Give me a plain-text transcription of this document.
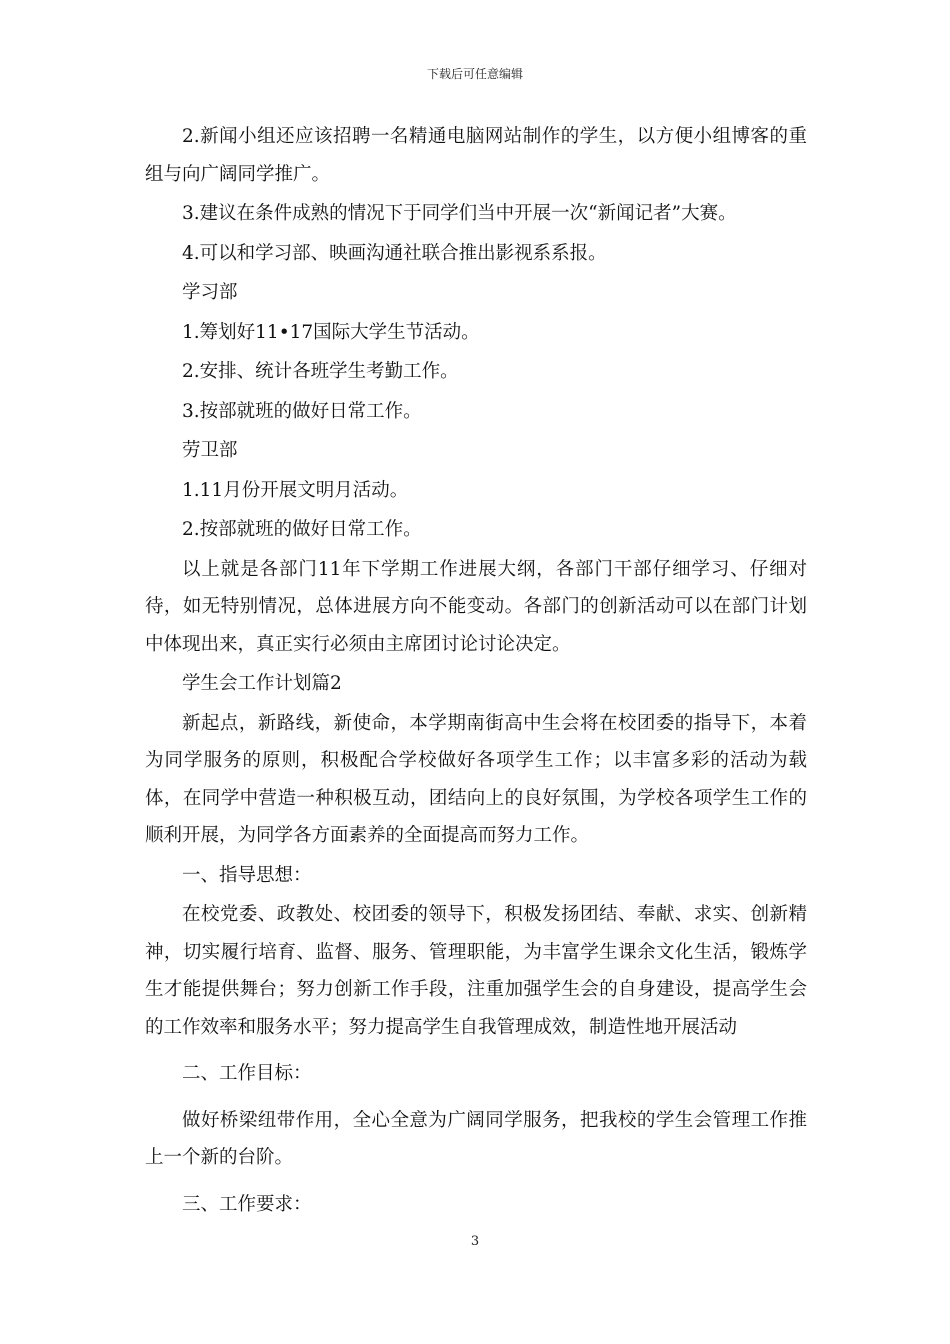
下载后可任意编辑

2.新闻小组还应该招聘一名精通电脑网站制作的学生，以方便小组博客的重组与向广阔同学推广。

3.建议在条件成熟的情况下于同学们当中开展一次“新闻记者”大赛。

4.可以和学习部、映画沟通社联合推出影视系系报。

学习部

1.筹划好11•17国际大学生节活动。

2.安排、统计各班学生考勤工作。

3.按部就班的做好日常工作。

劳卫部

1.11月份开展文明月活动。

2.按部就班的做好日常工作。

以上就是各部门11年下学期工作进展大纲，各部门干部仔细学习、仔细对待，如无特别情况，总体进展方向不能变动。各部门的创新活动可以在部门计划中体现出来，真正实行必须由主席团讨论讨论决定。

学生会工作计划篇2

新起点，新路线，新使命，本学期南街高中生会将在校团委的指导下，本着为同学服务的原则，积极配合学校做好各项学生工作；以丰富多彩的活动为载体，在同学中营造一种积极互动，团结向上的良好氛围，为学校各项学生工作的顺利开展，为同学各方面素养的全面提高而努力工作。

一、指导思想：

在校党委、政教处、校团委的领导下，积极发扬团结、奉献、求实、创新精神，切实履行培育、监督、服务、管理职能，为丰富学生课余文化生活，锻炼学生才能提供舞台；努力创新工作手段，注重加强学生会的自身建设，提高学生会的工作效率和服务水平；努力提高学生自我管理成效，制造性地开展活动

二、工作目标：

做好桥梁纽带作用，全心全意为广阔同学服务，把我校的学生会管理工作推上一个新的台阶。

三、工作要求：

3
